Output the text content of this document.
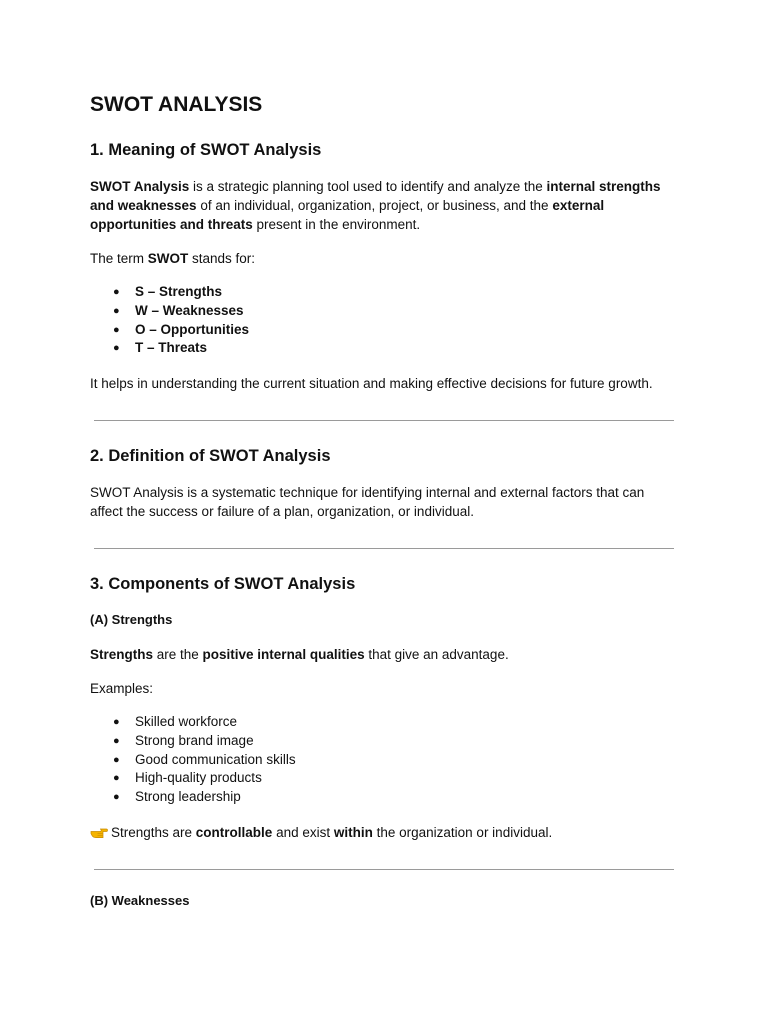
SWOT ANALYSIS
1. Meaning of SWOT Analysis

SWOT Analysis is a strategic planning tool used to identify and analyze the internal strengths and weaknesses of an individual, organization, project, or business, and the external opportunities and threats present in the environment.

The term SWOT stands for:

● S – Strengths
● W – Weaknesses
● O – Opportunities
● T – Threats

It helps in understanding the current situation and making effective decisions for future growth.

2. Definition of SWOT Analysis

SWOT Analysis is a systematic technique for identifying internal and external factors that can affect the success or failure of a plan, organization, or individual.

3. Components of SWOT Analysis
(A) Strengths

Strengths are the positive internal qualities that give an advantage.

Examples:

● Skilled workforce
● Strong brand image
● Good communication skills
● High-quality products
● Strong leadership

Strengths are controllable and exist within the organization or individual.

(B) Weaknesses
